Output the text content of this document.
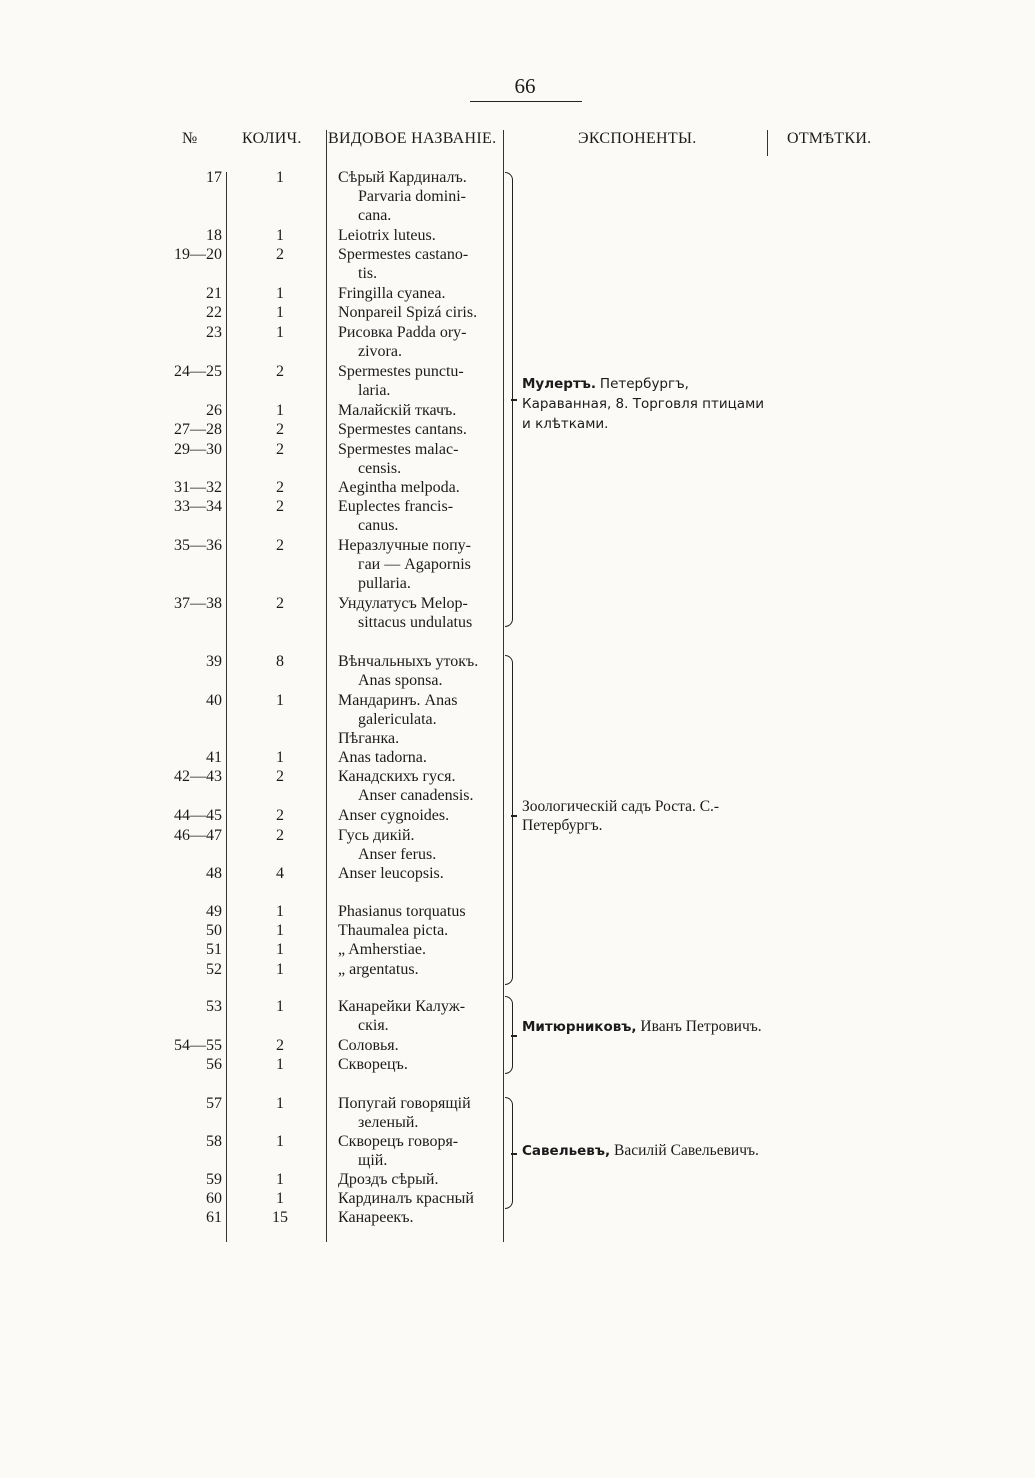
66
№	КОЛИЧ. ВИДОВОЕ НАЗВАНІЕ.	ЭКСПОНЕНТЫ.	ОТМѢТКИ.
17	1	Сѣрый Кардиналъ.
Parvaria domini-
cana.
18	1	Leiotrix luteus.
19—20	2	Spermestes castano-
tis.
21	1	Fringilla cyanea.
22	1	Nonpareil Spizá ciris.
23	1	Рисовка Padda ory-
zivora.
24—25	2	Spermestes punctu-
laria.
26	1	Малайскій ткачъ.
27—28	2	Spermestes cantans.
29—30	2	Spermestes malac-
censis.
31—32	2	Aegintha melpoda.
33—34	2	Euplectes francis-
canus.
35—36	2	Неразлучные попу-
гаи — Agapornis
pullaria.
37—38	2	Ундулатусъ Melop-
sittacus undulatus
39	8	Вѣнчальныхъ утокъ.
Anas sponsa.
40	1	Мандаринъ. Anas
galericulata.
Пѣганка.
41	1	Anas tadorna.
42—43	2	Канадскихъ гуся.
Anser canadensis.
44—45	2	Anser cygnoides.
46—47	2	Гусь дикій.
Anser ferus.
48	4	Anser leucopsis.
49	1	Phasianus torquatus
50	1	Thaumalea picta.
51	1	„ Amherstiae.
52	1	„ argentatus.
53	1	Канарейки Калуж-
скія.
54—55	2	Соловья.
56	1	Скворецъ.
57	1	Попугай говорящій
зеленый.
58	1	Скворецъ говоря-
щій.
59	1	Дроздъ сѣрый.
60	1	Кардиналъ красный
61	15	Канареекъ.
Мулертъ. Петербургъ, Караванная, 8. Торговля птицами и клѣтками.
Зоологическій садъ Роста. С.-Петербургъ.
Митюрниковъ, Иванъ Петровичъ.
Савельевъ, Василій Савельевичъ.
